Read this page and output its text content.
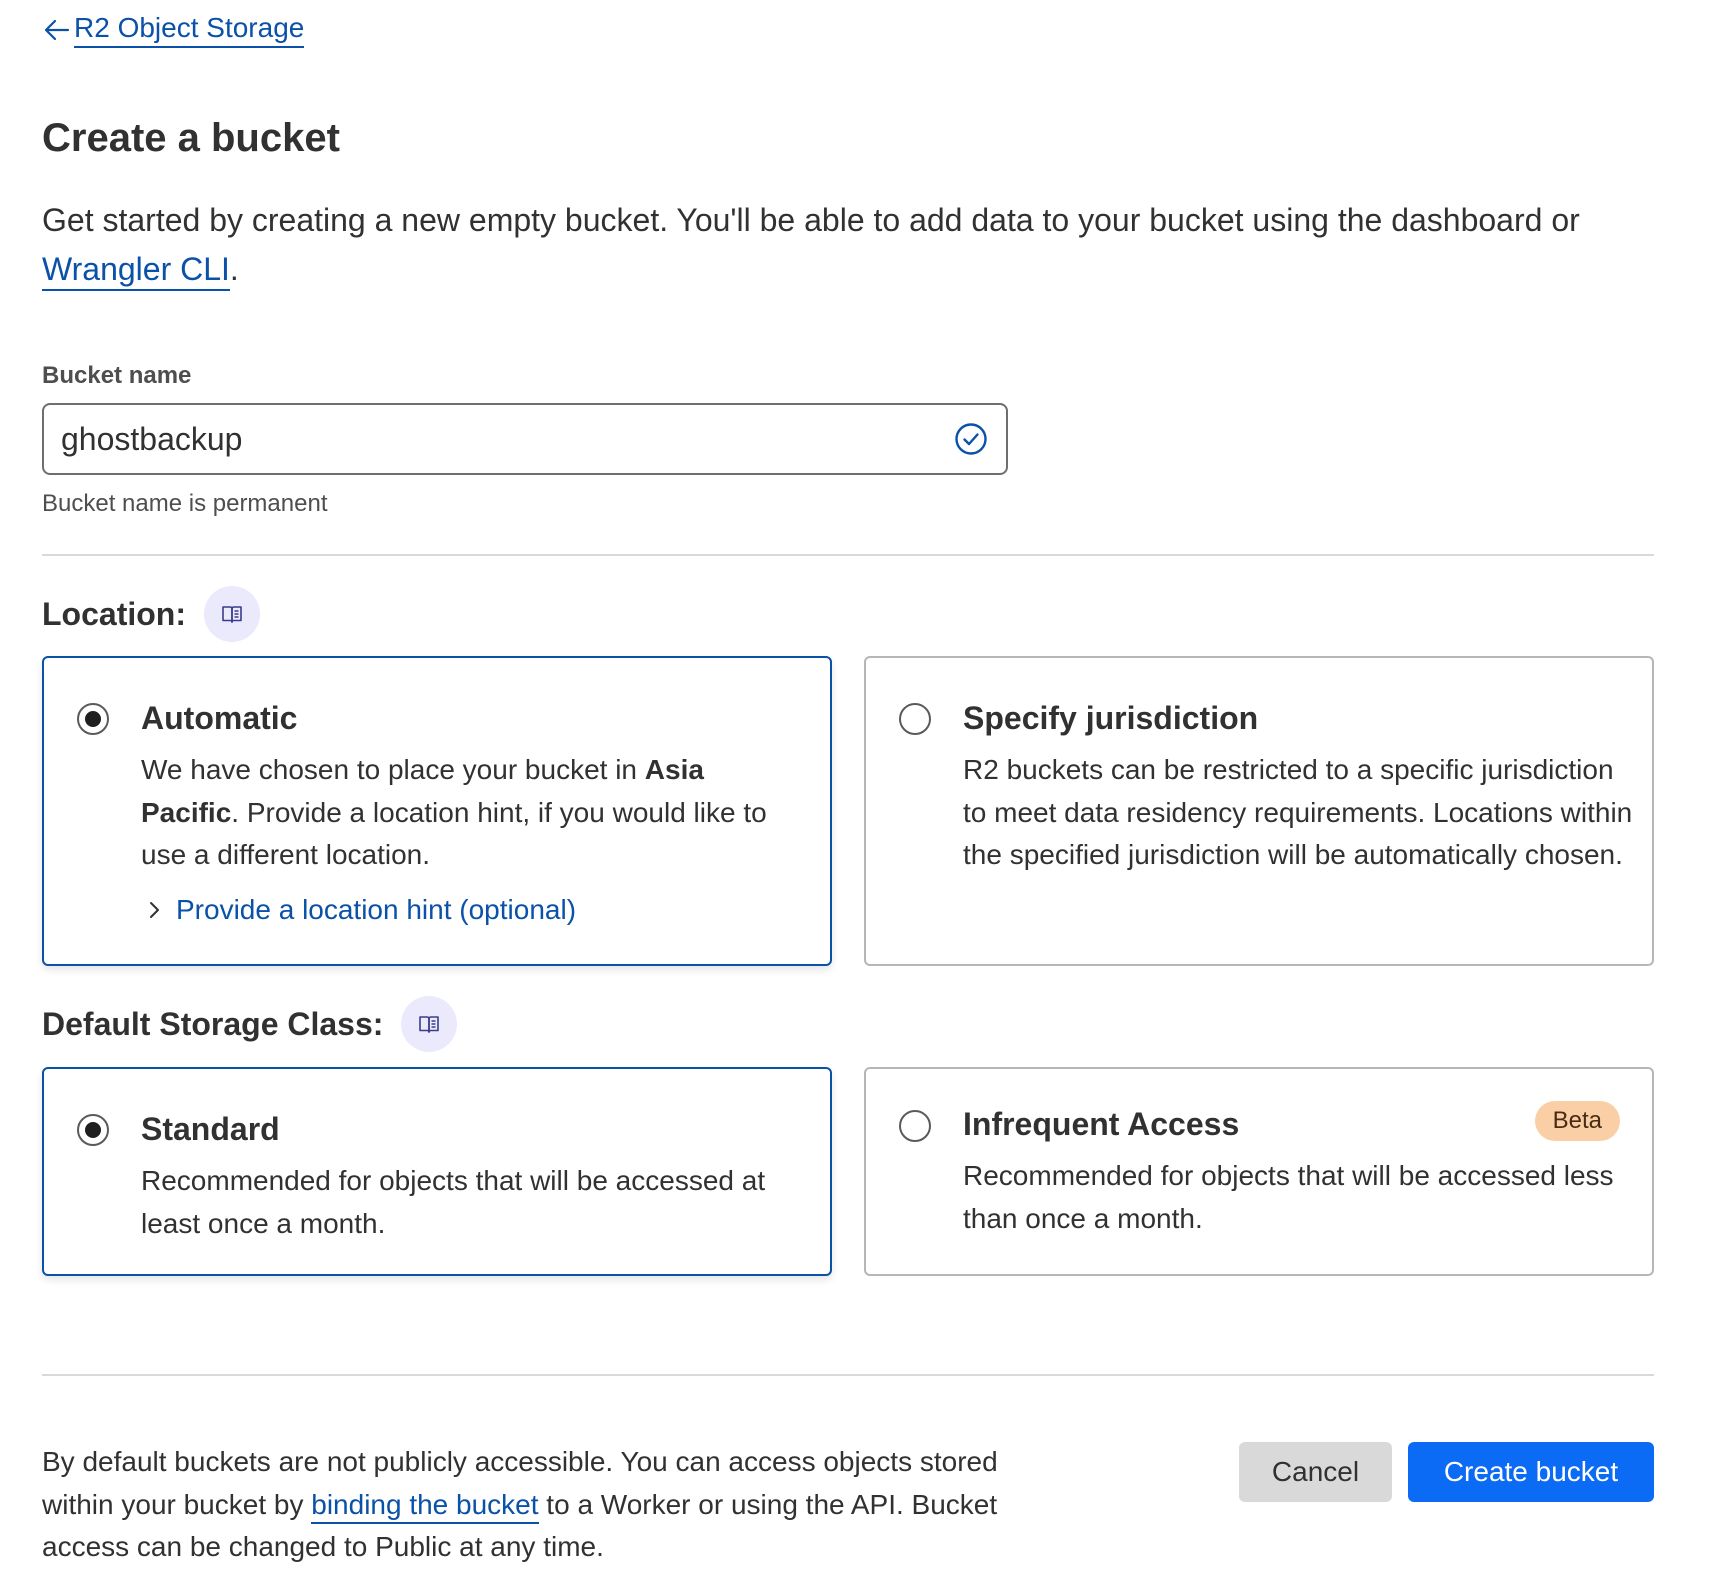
R2 Object Storage
Create a bucket
Get started by creating a new empty bucket. You'll be able to add data to your bucket using the dashboard or Wrangler CLI.
Bucket name
ghostbackup
Bucket name is permanent
Location:
Automatic
We have chosen to place your bucket in Asia Pacific. Provide a location hint, if you would like to use a different location.
Provide a location hint (optional)
Specify jurisdiction
R2 buckets can be restricted to a specific jurisdiction to meet data residency requirements. Locations within the specified jurisdiction will be automatically chosen.
Default Storage Class:
Standard
Recommended for objects that will be accessed at least once a month.
Infrequent Access	Beta
Recommended for objects that will be accessed less than once a month.
By default buckets are not publicly accessible. You can access objects stored within your bucket by binding the bucket to a Worker or using the API. Bucket access can be changed to Public at any time.
Cancel	Create bucket
